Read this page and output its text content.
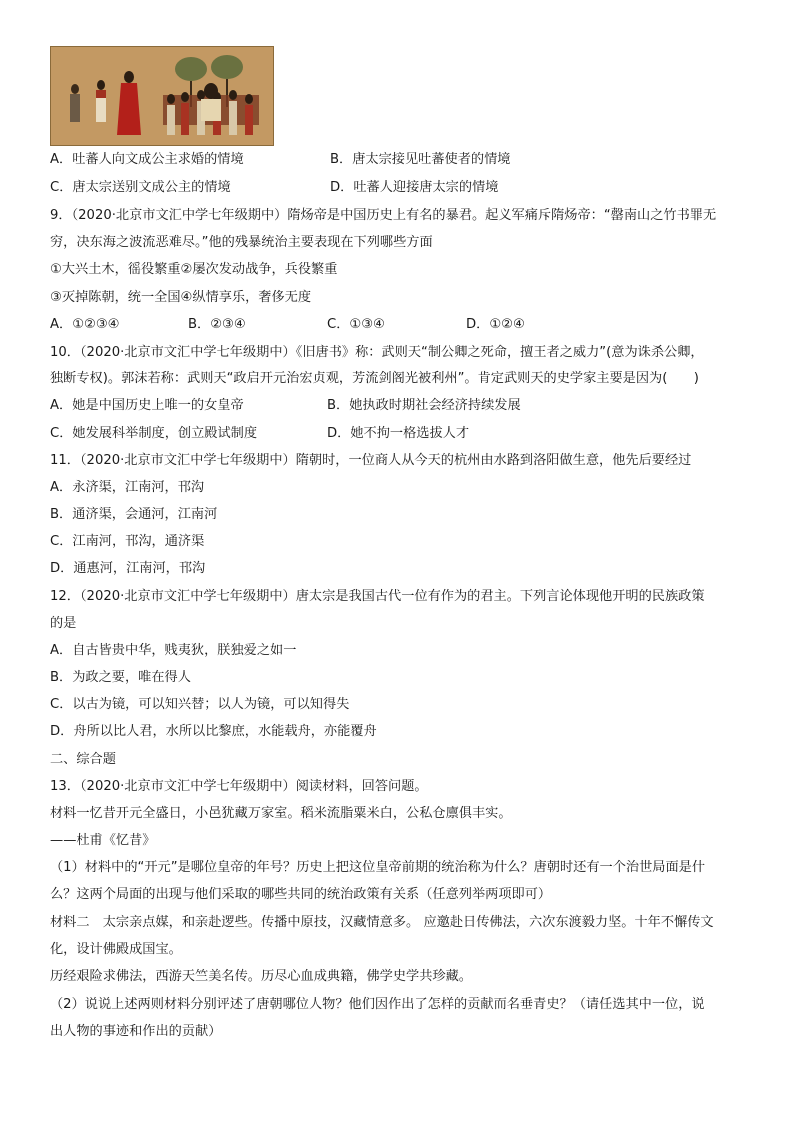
A．吐蕃人向文成公主求婚的情境	B．唐太宗接见吐蕃使者的情境
C．唐太宗送别文成公主的情境	D．吐蕃人迎接唐太宗的情境
9．（2020·北京市文汇中学七年级期中）隋炀帝是中国历史上有名的暴君。起义军痛斥隋炀帝：“罄南山之竹书罪无
穷，决东海之波流恶难尽。”他的残暴统治主要表现在下列哪些方面
①大兴土木，徭役繁重②屡次发动战争，兵役繁重
③灭掉陈朝，统一全国④纵情享乐，奢侈无度
A．①②③④	B．②③④	C．①③④	D．①②④
10．（2020·北京市文汇中学七年级期中）《旧唐书》称：武则天“制公卿之死命，擅王者之威力”(意为诛杀公卿，
独断专权)。郭沫若称：武则天“政启开元治宏贞观，芳流剑阁光被利州”。肯定武则天的史学家主要是因为(　　)
A．她是中国历史上唯一的女皇帝	B．她执政时期社会经济持续发展
C．她发展科举制度，创立殿试制度	D．她不拘一格选拔人才
11．（2020·北京市文汇中学七年级期中）隋朝时，一位商人从今天的杭州由水路到洛阳做生意，他先后要经过
A．永济渠，江南河，邗沟
B．通济渠，会通河，江南河
C．江南河，邗沟，通济渠
D．通惠河，江南河，邗沟
12．（2020·北京市文汇中学七年级期中）唐太宗是我国古代一位有作为的君主。下列言论体现他开明的民族政策
的是
A．自古皆贵中华，贱夷狄，朕独爱之如一
B．为政之要，唯在得人
C．以古为镜，可以知兴替；以人为镜，可以知得失
D．舟所以比人君，水所以比黎庶，水能载舟，亦能覆舟
二、综合题
13．（2020·北京市文汇中学七年级期中）阅读材料，回答问题。
材料一忆昔开元全盛日，小邑犹藏万家室。稻米流脂粟米白，公私仓廪俱丰实。
——杜甫《忆昔》
（1）材料中的“开元”是哪位皇帝的年号？历史上把这位皇帝前期的统治称为什么？唐朝时还有一个治世局面是什
么？这两个局面的出现与他们采取的哪些共同的统治政策有关系（任意列举两项即可）
材料二　太宗亲点媒，和亲赴逻些。传播中原技，汉藏情意多。 应邀赴日传佛法，六次东渡毅力坚。十年不懈传文
化，设计佛殿成国宝。
历经艰险求佛法，西游天竺美名传。历尽心血成典籍，佛学史学共珍藏。
（2）说说上述两则材料分别评述了唐朝哪位人物？他们因作出了怎样的贡献而名垂青史？（请任选其中一位，说
出人物的事迹和作出的贡献）
